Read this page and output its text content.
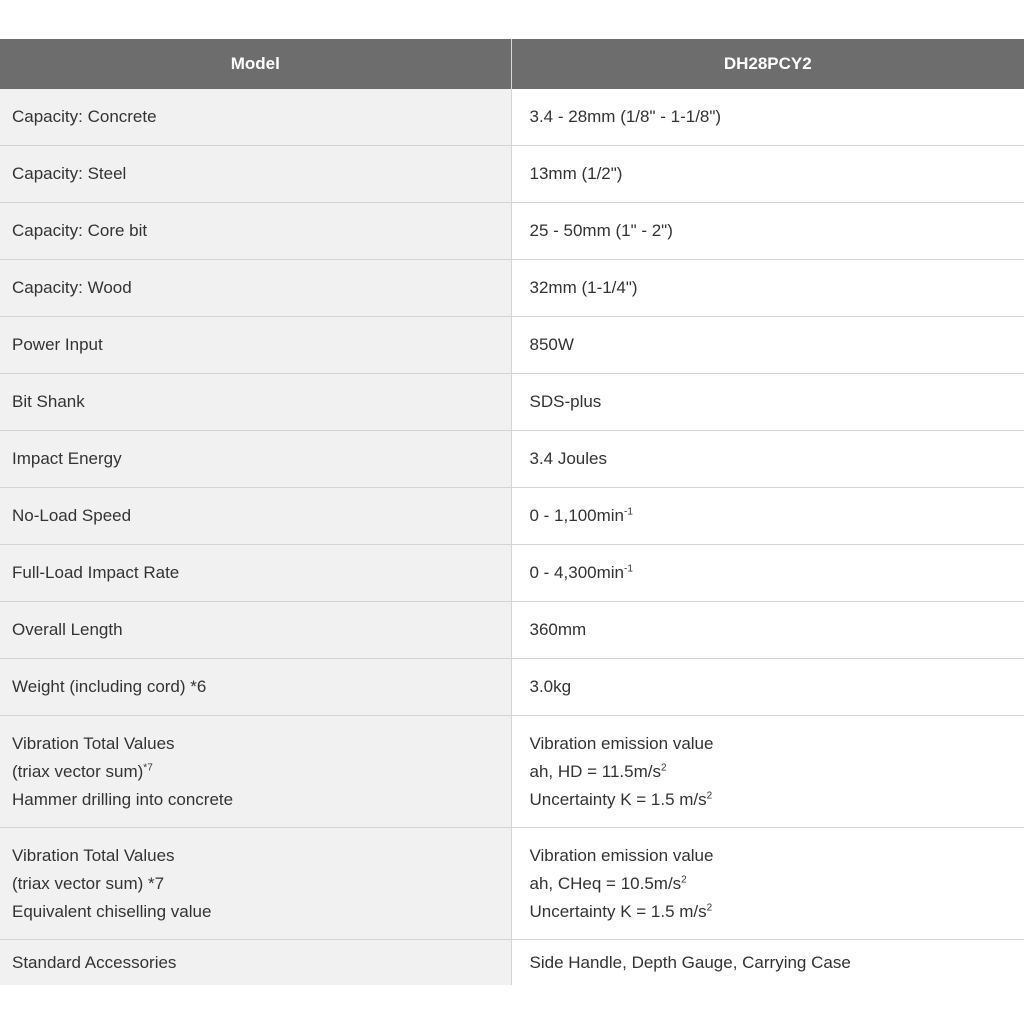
Model	DH28PCY2
Capacity: Concrete	3.4 - 28mm (1/8" - 1-1/8")
Capacity: Steel	13mm (1/2")
Capacity: Core bit	25 - 50mm (1" - 2")
Capacity: Wood	32mm (1-1/4")
Power Input	850W
Bit Shank	SDS-plus
Impact Energy	3.4 Joules
No-Load Speed	$0 - 1,100\min^{-1}$
Full-Load Impact Rate	$0 - 4,300\min^{-1}$
Overall Length	360mm
Weight (including cord) *6	3.0kg

Vibration Total Values
(triax vector sum)$^{*7}$
Hammer drilling into concrete	Vibration emission value
ah, HD = $11.5m/s^2$
Uncertainty K = 1.5 $m/s^2$

Vibration Total Values
(triax vector sum) *7
Equivalent chiselling value	Vibration emission value
ah, CHeq = $10.5m/s^2$
Uncertainty K = 1.5 $m/s^2$

Standard Accessories	Side Handle, Depth Gauge, Carrying Case
